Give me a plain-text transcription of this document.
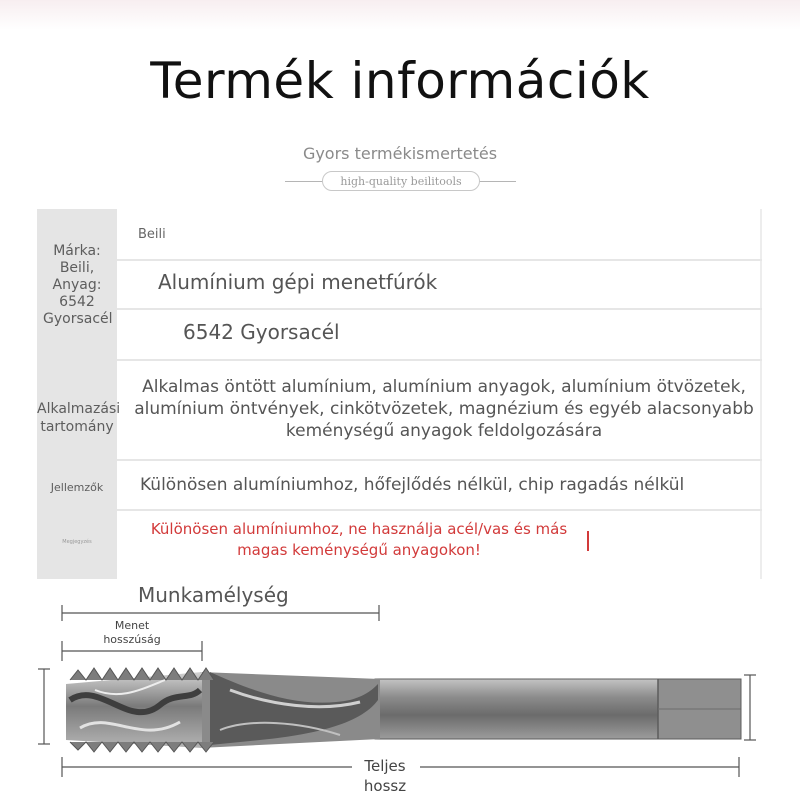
Termék információk
Gyors termékismertetés
high-quality beilitools
Márka: Beili, Anyag: 6542 Gyorsacél
Alkalmazási tartomány
Jellemzők
Megjegyzés
Beili
Alumínium gépi menetfúrók
6542 Gyorsacél
Alkalmas öntött alumínium, alumínium anyagok, alumínium ötvözetek, alumínium öntvények, cinkötvözetek, magnézium és egyéb alacsonyabb keménységű anyagok feldolgozására
Különösen alumíniumhoz, hőfejlődés nélkül, chip ragadás nélkül
Különösen alumíniumhoz, ne használja acél/vas és más magas keménységű anyagokon!
Munkamélység
Menet hosszúság
Teljes hossz
